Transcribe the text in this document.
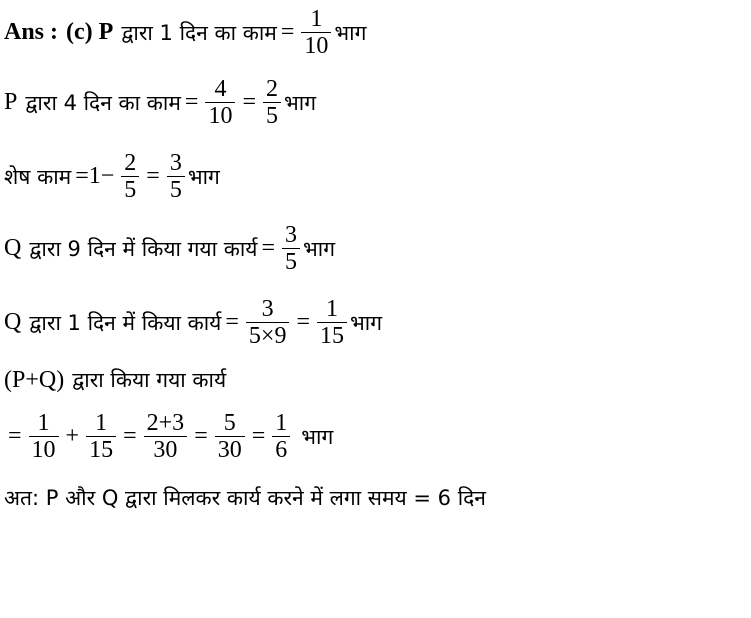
Ans : (c) P द्वारा 1 दिन का काम = $\frac{1}{10}$ भाग
P द्वारा 4 दिन का काम = $\frac{4}{10} = \frac{2}{5}$ भाग
शेष काम $=1- \frac{2}{5} = \frac{3}{5}$ भाग
Q द्वारा 9 दिन में किया गया कार्य = $\frac{3}{5}$ भाग
Q द्वारा 1 दिन में किया कार्य = $\frac{3}{5\times 9} = \frac{1}{15}$ भाग
(P+Q) द्वारा किया गया कार्य
= $\frac{1}{10} + \frac{1}{15} = \frac{2+3}{30} = \frac{5}{30} = \frac{1}{6}$ भाग
अत: P और Q द्वारा मिलकर कार्य करने में लगा समय = 6 दिन
